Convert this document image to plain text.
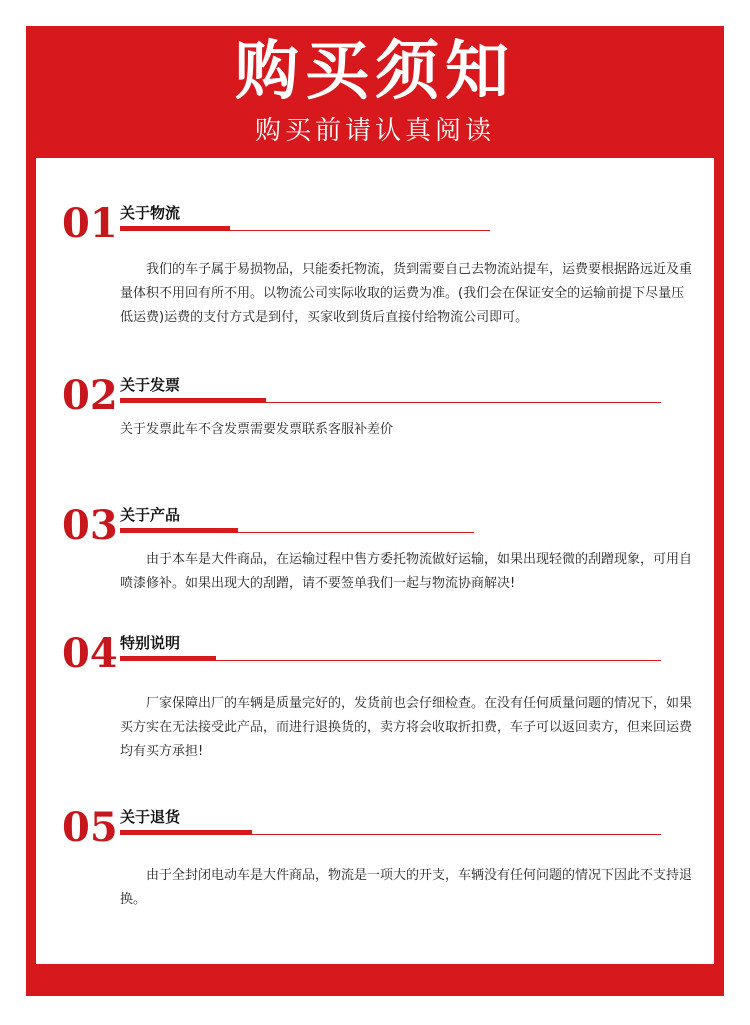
购买须知
购买前请认真阅读
01 关于物流
我们的车子属于易损物品，只能委托物流，货到需要自己去物流站提车，运费要根据路远近及重量体积不用回有所不用。以物流公司实际收取的运费为准。(我们会在保证安全的运输前提下尽量压低运费)运费的支付方式是到付，买家收到货后直接付给物流公司即可。
02 关于发票
关于发票此车不含发票需要发票联系客服补差价
03 关于产品
由于本车是大件商品，在运输过程中售方委托物流做好运输，如果出现轻微的刮蹭现象，可用自喷漆修补。如果出现大的刮蹭，请不要签单我们一起与物流协商解决!
04 特别说明
厂家保障出厂的车辆是质量完好的，发货前也会仔细检查。在没有任何质量问题的情况下，如果买方实在无法接受此产品，而进行退换货的，卖方将会收取折扣费，车子可以返回卖方，但来回运费均有买方承担!
05 关于退货
由于全封闭电动车是大件商品，物流是一项大的开支，车辆没有任何问题的情况下因此不支持退换。
